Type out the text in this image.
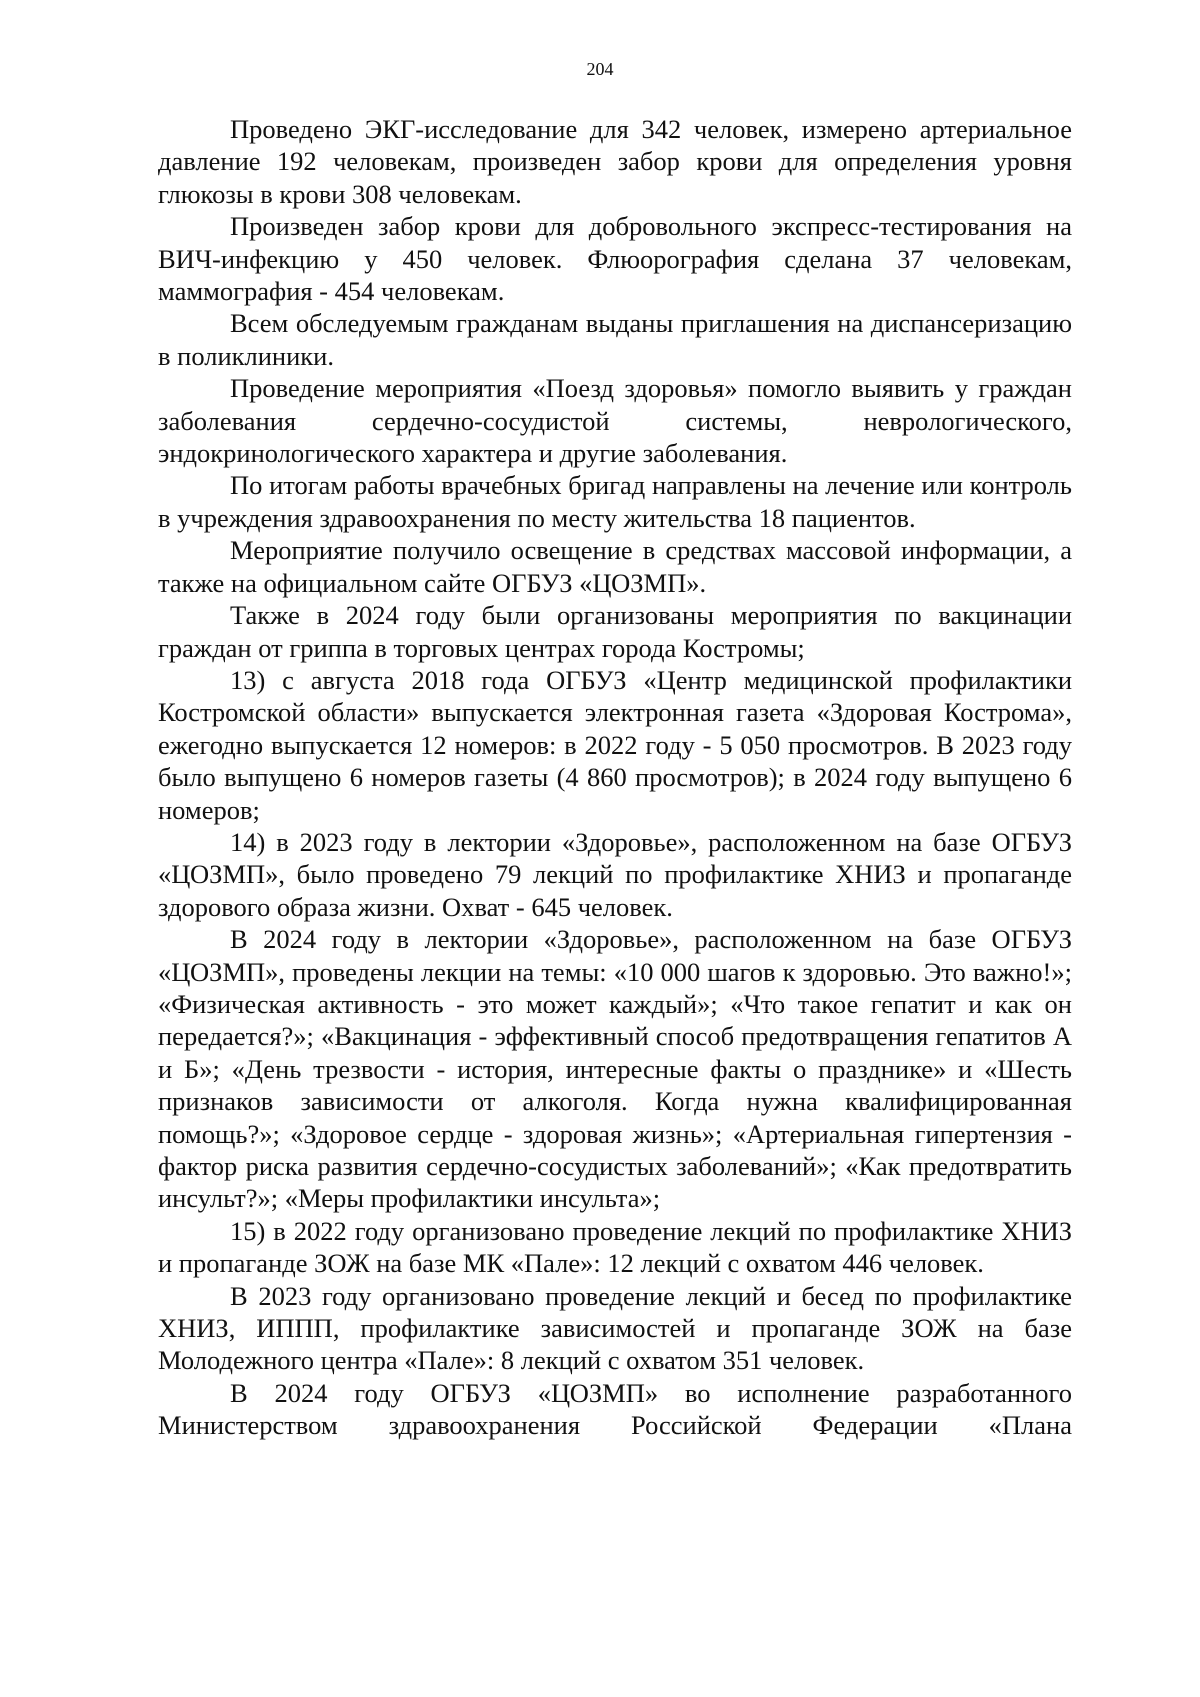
204

Проведено ЭКГ-исследование для 342 человек, измерено артериальное давление 192 человекам, произведен забор крови для определения уровня глюкозы в крови 308 человекам.

Произведен забор крови для добровольного экспресс-тестирования на ВИЧ-инфекцию у 450 человек. Флюорография сделана 37 человекам, маммография - 454 человекам.

Всем обследуемым гражданам выданы приглашения на диспансеризацию в поликлиники.

Проведение мероприятия «Поезд здоровья» помогло выявить у граждан заболевания сердечно-сосудистой системы, неврологического, эндокринологического характера и другие заболевания.

По итогам работы врачебных бригад направлены на лечение или контроль в учреждения здравоохранения по месту жительства 18 пациентов.

Мероприятие получило освещение в средствах массовой информации, а также на официальном сайте ОГБУЗ «ЦОЗМП».

Также в 2024 году были организованы мероприятия по вакцинации граждан от гриппа в торговых центрах города Костромы;

13) с августа 2018 года ОГБУЗ «Центр медицинской профилактики Костромской области» выпускается электронная газета «Здоровая Кострома», ежегодно выпускается 12 номеров: в 2022 году - 5 050 просмотров. В 2023 году было выпущено 6 номеров газеты (4 860 просмотров); в 2024 году выпущено 6 номеров;

14) в 2023 году в лектории «Здоровье», расположенном на базе ОГБУЗ «ЦОЗМП», было проведено 79 лекций по профилактике ХНИЗ и пропаганде здорового образа жизни. Охват - 645 человек.

В 2024 году в лектории «Здоровье», расположенном на базе ОГБУЗ «ЦОЗМП», проведены лекции на темы: «10 000 шагов к здоровью. Это важно!»; «Физическая активность - это может каждый»; «Что такое гепатит и как он передается?»; «Вакцинация - эффективный способ предотвращения гепатитов А и Б»; «День трезвости - история, интересные факты о празднике» и «Шесть признаков зависимости от алкоголя. Когда нужна квалифицированная помощь?»; «Здоровое сердце - здоровая жизнь»; «Артериальная гипертензия - фактор риска развития сердечно-сосудистых заболеваний»; «Как предотвратить инсульт?»; «Меры профилактики инсульта»;

15) в 2022 году организовано проведение лекций по профилактике ХНИЗ и пропаганде ЗОЖ на базе МК «Пале»: 12 лекций с охватом 446 человек.

В 2023 году организовано проведение лекций и бесед по профилактике ХНИЗ, ИППП, профилактике зависимостей и пропаганде ЗОЖ на базе Молодежного центра «Пале»: 8 лекций с охватом 351 человек.

В 2024 году ОГБУЗ «ЦОЗМП» во исполнение разработанного Министерством здравоохранения Российской Федерации «Плана
